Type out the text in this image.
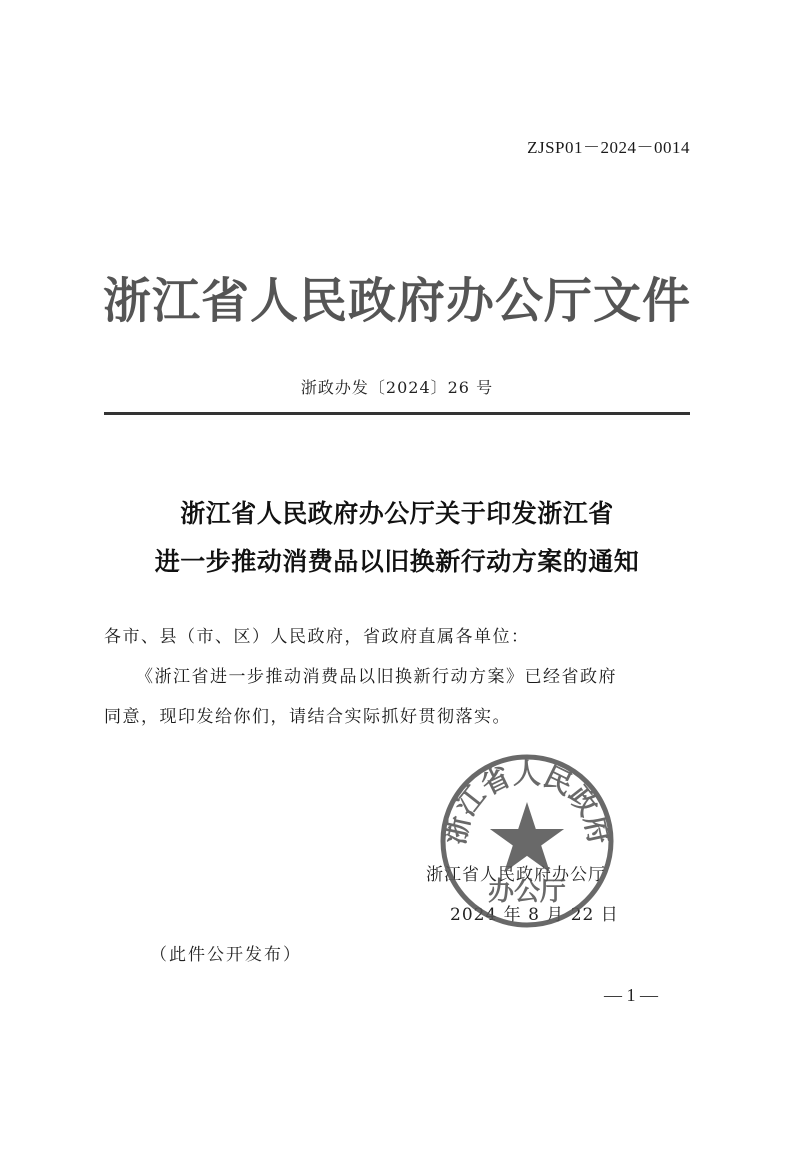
ZJSP01－2024－0014
浙江省人民政府办公厅文件
浙政办发〔2024〕26 号
浙江省人民政府办公厅关于印发浙江省
进一步推动消费品以旧换新行动方案的通知
各市、县（市、区）人民政府，省政府直属各单位：
《浙江省进一步推动消费品以旧换新行动方案》已经省政府
同意，现印发给你们，请结合实际抓好贯彻落实。
浙江省人民政府办公厅
2024 年 8 月 22 日
浙江省人民政府
办公厅
（此件公开发布）
— 1 —
